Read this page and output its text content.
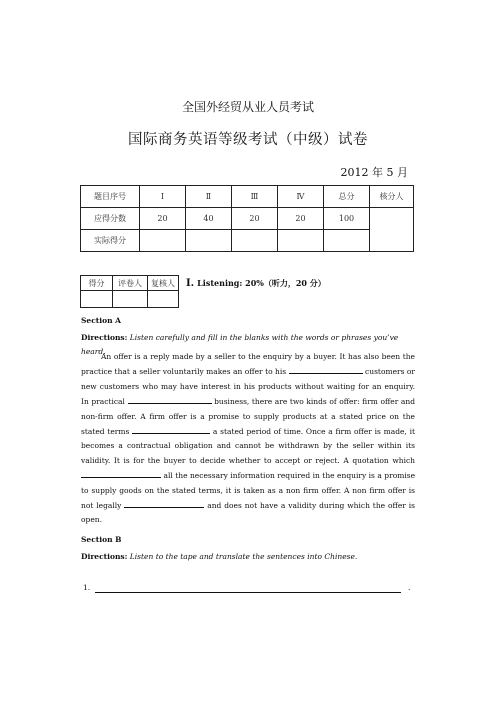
全国外经贸从业人员考试
国际商务英语等级考试（中级）试卷
2012 年 5 月
题目序号	Ⅰ	Ⅱ	Ⅲ	Ⅳ	总分	核分人
应得分数	20	40	20	20	100	
实际得分						
得分	评卷人	复核人
		Ⅰ. Listening: 20%（听力，20 分）
Section A
Directions: Listen carefully and fill in the blanks with the words or phrases you’ve heard.
An offer is a reply made by a seller to the enquiry by a buyer. It has also been the practice that a seller voluntarily makes an offer to his	customers or new customers who may have interest in his products without waiting for an enquiry. In practical	business, there are two kinds of offer: firm offer and non-firm offer. A firm offer is a promise to supply products at a stated price on the stated terms	a stated period of time. Once a firm offer is made, it becomes a contractual obligation and cannot be withdrawn by the seller within its validity. It is for the buyer to decide whether to accept or reject. A quotation which  all the necessary information required in the enquiry is a promise to supply goods on the stated terms, it is taken as a non firm offer. A non firm offer is not legally	and does not have a validity during which the offer is open.
Section B
Directions: Listen to the tape and translate the sentences into Chinese.
1.	.
